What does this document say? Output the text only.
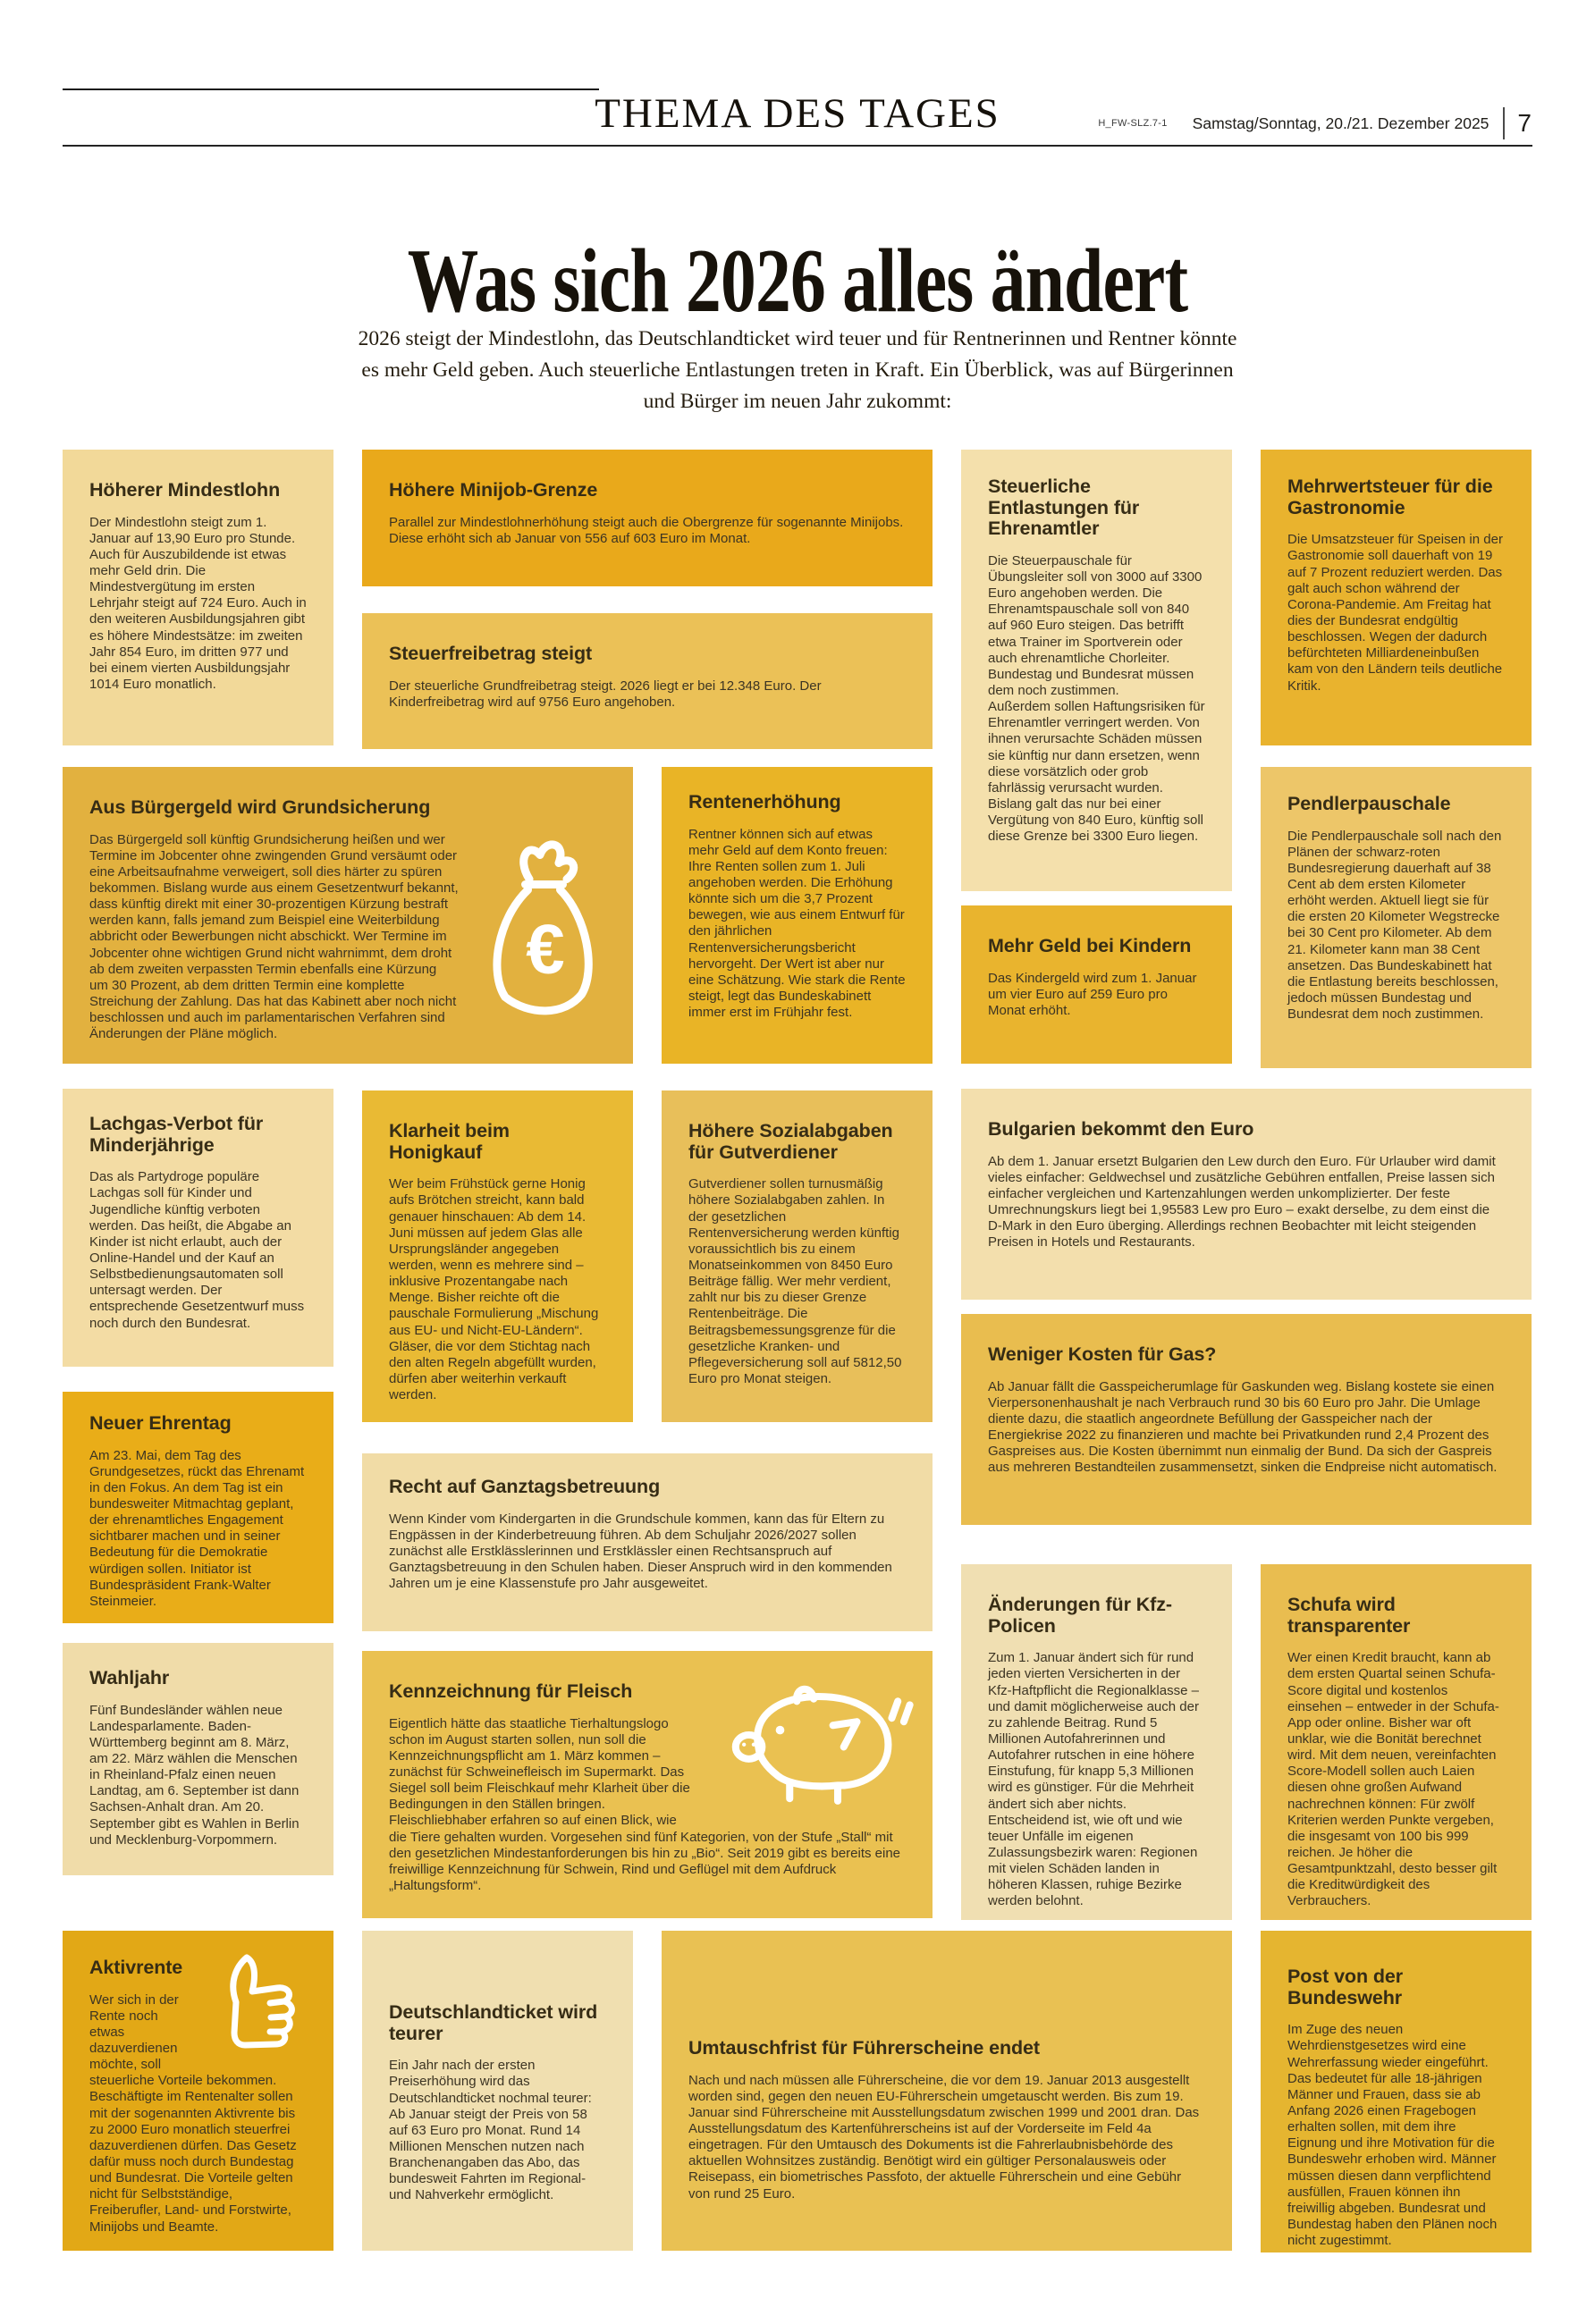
THEMA DES TAGES	H_FW-SLZ.7-1 Samstag/Sonntag, 20./21. Dezember 2025 7
Was sich 2026 alles ändert

2026 steigt der Mindestlohn, das Deutschlandticket wird teuer und für Rentnerinnen und Rentner könnte es mehr Geld geben. Auch steuerliche Entlastungen treten in Kraft. Ein Überblick, was auf Bürgerinnen und Bürger im neuen Jahr zukommt:

Höherer Mindestlohn

Der Mindestlohn steigt zum 1. Januar auf 13,90 Euro pro Stunde. Auch für Auszubildende ist etwas mehr Geld drin. Die Mindestvergütung im ersten Lehrjahr steigt auf 724 Euro. Auch in den weiteren Ausbildungsjahren gibt es höhere Mindestsätze: im zweiten Jahr 854 Euro, im dritten 977 und bei einem vierten Ausbildungsjahr 1014 Euro monatlich.

Höhere Minijob-Grenze

Parallel zur Mindestlohnerhöhung steigt auch die Obergrenze für sogenannte Minijobs. Diese erhöht sich ab Januar von 556 auf 603 Euro im Monat.

Steuerfreibetrag steigt

Der steuerliche Grundfreibetrag steigt. 2026 liegt er bei 12.348 Euro. Der Kinderfreibetrag wird auf 9756 Euro angehoben.

Steuerliche Entlastungen für Ehrenamtler

Die Steuerpauschale für Übungsleiter soll von 3000 auf 3300 Euro angehoben werden. Die Ehrenamtspauschale soll von 840 auf 960 Euro steigen. Das betrifft etwa Trainer im Sportverein oder auch ehrenamtliche Chorleiter. Bundestag und Bundesrat müssen dem noch zustimmen.

Außerdem sollen Haftungsrisiken für Ehrenamtler verringert werden. Von ihnen verursachte Schäden müssen sie künftig nur dann ersetzen, wenn diese vorsätzlich oder grob fahrlässig verursacht wurden. Bislang galt das nur bei einer Vergütung von 840 Euro, künftig soll diese Grenze bei 3300 Euro liegen.

Mehrwertsteuer für die Gastronomie

Die Umsatzsteuer für Speisen in der Gastronomie soll dauerhaft von 19 auf 7 Prozent reduziert werden. Das galt auch schon während der Corona-Pandemie. Am Freitag hat dies der Bundesrat endgültig beschlossen. Wegen der dadurch befürchteten Milliardeneinbußen kam von den Ländern teils deutliche Kritik.

€
Aus Bürgergeld wird Grundsicherung

Das Bürgergeld soll künftig Grundsicherung heißen und wer Termine im Jobcenter ohne zwingenden Grund versäumt oder eine Arbeitsaufnahme verweigert, soll dies härter zu spüren bekommen. Bislang wurde aus einem Gesetzentwurf bekannt, dass künftig direkt mit einer 30-prozentigen Kürzung bestraft werden kann, falls jemand zum Beispiel eine Weiterbildung abbricht oder Bewerbungen nicht abschickt. Wer Termine im Jobcenter ohne wichtigen Grund nicht wahrnimmt, dem droht ab dem zweiten verpassten Termin ebenfalls eine Kürzung um 30 Prozent, ab dem dritten Termin eine komplette Streichung der Zahlung. Das hat das Kabinett aber noch nicht beschlossen und auch im parlamentarischen Verfahren sind Änderungen der Pläne möglich.

Rentenerhöhung

Rentner können sich auf etwas mehr Geld auf dem Konto freuen: Ihre Renten sollen zum 1. Juli angehoben werden. Die Erhöhung könnte sich um die 3,7 Prozent bewegen, wie aus einem Entwurf für den jährlichen Rentenversicherungsbericht hervorgeht. Der Wert ist aber nur eine Schätzung. Wie stark die Rente steigt, legt das Bundeskabinett immer erst im Frühjahr fest.

Mehr Geld bei Kindern

Das Kindergeld wird zum 1. Januar um vier Euro auf 259 Euro pro Monat erhöht.

Pendlerpauschale

Die Pendlerpauschale soll nach den Plänen der schwarz-roten Bundesregierung dauerhaft auf 38 Cent ab dem ersten Kilometer erhöht werden. Aktuell liegt sie für die ersten 20 Kilometer Wegstrecke bei 30 Cent pro Kilometer. Ab dem 21. Kilometer kann man 38 Cent ansetzen. Das Bundeskabinett hat die Entlastung bereits beschlossen, jedoch müssen Bundestag und Bundesrat dem noch zustimmen.

Lachgas-Verbot für Minderjährige

Das als Partydroge populäre Lachgas soll für Kinder und Jugendliche künftig verboten werden. Das heißt, die Abgabe an Kinder ist nicht erlaubt, auch der Online-Handel und der Kauf an Selbstbedienungsautomaten soll untersagt werden. Der entsprechende Gesetzentwurf muss noch durch den Bundesrat.

Klarheit beim Honigkauf

Wer beim Frühstück gerne Honig aufs Brötchen streicht, kann bald genauer hinschauen: Ab dem 14. Juni müssen auf jedem Glas alle Ursprungsländer angegeben werden, wenn es mehrere sind – inklusive Prozentangabe nach Menge. Bisher reichte oft die pauschale Formulierung „Mischung aus EU- und Nicht-EU-Ländern“. Gläser, die vor dem Stichtag nach den alten Regeln abgefüllt wurden, dürfen aber weiterhin verkauft werden.

Höhere Sozialabgaben für Gutverdiener

Gutverdiener sollen turnusmäßig höhere Sozialabgaben zahlen. In der gesetzlichen Rentenversicherung werden künftig voraussichtlich bis zu einem Monatseinkommen von 8450 Euro Beiträge fällig. Wer mehr verdient, zahlt nur bis zu dieser Grenze Rentenbeiträge. Die Beitragsbemessungsgrenze für die gesetzliche Kranken- und Pflegeversicherung soll auf 5812,50 Euro pro Monat steigen.

Bulgarien bekommt den Euro

Ab dem 1. Januar ersetzt Bulgarien den Lew durch den Euro. Für Urlauber wird damit vieles einfacher: Geldwechsel und zusätzliche Gebühren entfallen, Preise lassen sich einfacher vergleichen und Kartenzahlungen werden unkomplizierter. Der feste Umrechnungskurs liegt bei 1,95583 Lew pro Euro – exakt derselbe, zu dem einst die D-Mark in den Euro überging. Allerdings rechnen Beobachter mit leicht steigenden Preisen in Hotels und Restaurants.

Weniger Kosten für Gas?

Ab Januar fällt die Gasspeicherumlage für Gaskunden weg. Bislang kostete sie einen Vierpersonenhaushalt je nach Verbrauch rund 30 bis 60 Euro pro Jahr. Die Umlage diente dazu, die staatlich angeordnete Befüllung der Gasspeicher nach der Energiekrise 2022 zu finanzieren und machte bei Privatkunden rund 2,4 Prozent des Gaspreises aus. Die Kosten übernimmt nun einmalig der Bund. Da sich der Gaspreis aus mehreren Bestandteilen zusammensetzt, sinken die Endpreise nicht automatisch.

Neuer Ehrentag

Am 23. Mai, dem Tag des Grundgesetzes, rückt das Ehrenamt in den Fokus. An dem Tag ist ein bundesweiter Mitmachtag geplant, der ehrenamtliches Engagement sichtbarer machen und in seiner Bedeutung für die Demokratie würdigen sollen. Initiator ist Bundespräsident Frank-Walter Steinmeier.

Recht auf Ganztagsbetreuung

Wenn Kinder vom Kindergarten in die Grundschule kommen, kann das für Eltern zu Engpässen in der Kinderbetreuung führen. Ab dem Schuljahr 2026/2027 sollen zunächst alle Erstklässlerinnen und Erstklässler einen Rechtsanspruch auf Ganztagsbetreuung in den Schulen haben. Dieser Anspruch wird in den kommenden Jahren um je eine Klassenstufe pro Jahr ausgeweitet.

Änderungen für Kfz-Policen

Zum 1. Januar ändert sich für rund jeden vierten Versicherten in der Kfz-Haftpflicht die Regionalklasse – und damit möglicherweise auch der zu zahlende Beitrag. Rund 5 Millionen Autofahrerinnen und Autofahrer rutschen in eine höhere Einstufung, für knapp 5,3 Millionen wird es günstiger. Für die Mehrheit ändert sich aber nichts. Entscheidend ist, wie oft und wie teuer Unfälle im eigenen Zulassungsbezirk waren: Regionen mit vielen Schäden landen in höheren Klassen, ruhige Bezirke werden belohnt.

Schufa wird transparenter

Wer einen Kredit braucht, kann ab dem ersten Quartal seinen Schufa-Score digital und kostenlos einsehen – entweder in der Schufa-App oder online. Bisher war oft unklar, wie die Bonität berechnet wird. Mit dem neuen, vereinfachten Score-Modell sollen auch Laien diesen ohne großen Aufwand nachrechnen können: Für zwölf Kriterien werden Punkte vergeben, die insgesamt von 100 bis 999 reichen. Je höher die Gesamtpunktzahl, desto besser gilt die Kreditwürdigkeit des Verbrauchers.

Wahljahr

Fünf Bundesländer wählen neue Landesparlamente. Baden-Württemberg beginnt am 8. März, am 22. März wählen die Menschen in Rheinland-Pfalz einen neuen Landtag, am 6. September ist dann Sachsen-Anhalt dran. Am 20. September gibt es Wahlen in Berlin und Mecklenburg-Vorpommern.

Kennzeichnung für Fleisch

Eigentlich hätte das staatliche Tierhaltungslogo schon im August starten sollen, nun soll die Kennzeichnungspflicht am 1. März kommen – zunächst für Schweinefleisch im Supermarkt. Das Siegel soll beim Fleischkauf mehr Klarheit über die Bedingungen in den Ställen bringen. Fleischliebhaber erfahren so auf einen Blick, wie die Tiere gehalten wurden. Vorgesehen sind fünf Kategorien, von der Stufe „Stall“ mit den gesetzlichen Mindestanforderungen bis hin zu „Bio“. Seit 2019 gibt es bereits eine freiwillige Kennzeichnung für Schwein, Rind und Geflügel mit dem Aufdruck „Haltungsform“.

Aktivrente

Wer sich in der Rente noch etwas dazuverdienen möchte, soll steuerliche Vorteile bekommen. Beschäftigte im Rentenalter sollen mit der sogenannten Aktivrente bis zu 2000 Euro monatlich steuerfrei dazuverdienen dürfen. Das Gesetz dafür muss noch durch Bundestag und Bundesrat. Die Vorteile gelten nicht für Selbstständige, Freiberufler, Land- und Forstwirte, Minijobs und Beamte.

Deutschlandticket wird teurer

Ein Jahr nach der ersten Preiserhöhung wird das Deutschlandticket nochmal teurer: Ab Januar steigt der Preis von 58 auf 63 Euro pro Monat. Rund 14 Millionen Menschen nutzen nach Branchenangaben das Abo, das bundesweit Fahrten im Regional- und Nahverkehr ermöglicht.

Umtauschfrist für Führerscheine endet

Nach und nach müssen alle Führerscheine, die vor dem 19. Januar 2013 ausgestellt worden sind, gegen den neuen EU-Führerschein umgetauscht werden. Bis zum 19. Januar sind Führerscheine mit Ausstellungsdatum zwischen 1999 und 2001 dran. Das Ausstellungsdatum des Kartenführerscheins ist auf der Vorderseite im Feld 4a eingetragen. Für den Umtausch des Dokuments ist die Fahrerlaubnisbehörde des aktuellen Wohnsitzes zuständig. Benötigt wird ein gültiger Personalausweis oder Reisepass, ein biometrisches Passfoto, der aktuelle Führerschein und eine Gebühr von rund 25 Euro.

Post von der Bundeswehr

Im Zuge des neuen Wehrdienstgesetzes wird eine Wehrerfassung wieder eingeführt. Das bedeutet für alle 18-jährigen Männer und Frauen, dass sie ab Anfang 2026 einen Fragebogen erhalten sollen, mit dem ihre Eignung und ihre Motivation für die Bundeswehr erhoben wird. Männer müssen diesen dann verpflichtend ausfüllen, Frauen können ihn freiwillig abgeben. Bundesrat und Bundestag haben den Plänen noch nicht zugestimmt.
